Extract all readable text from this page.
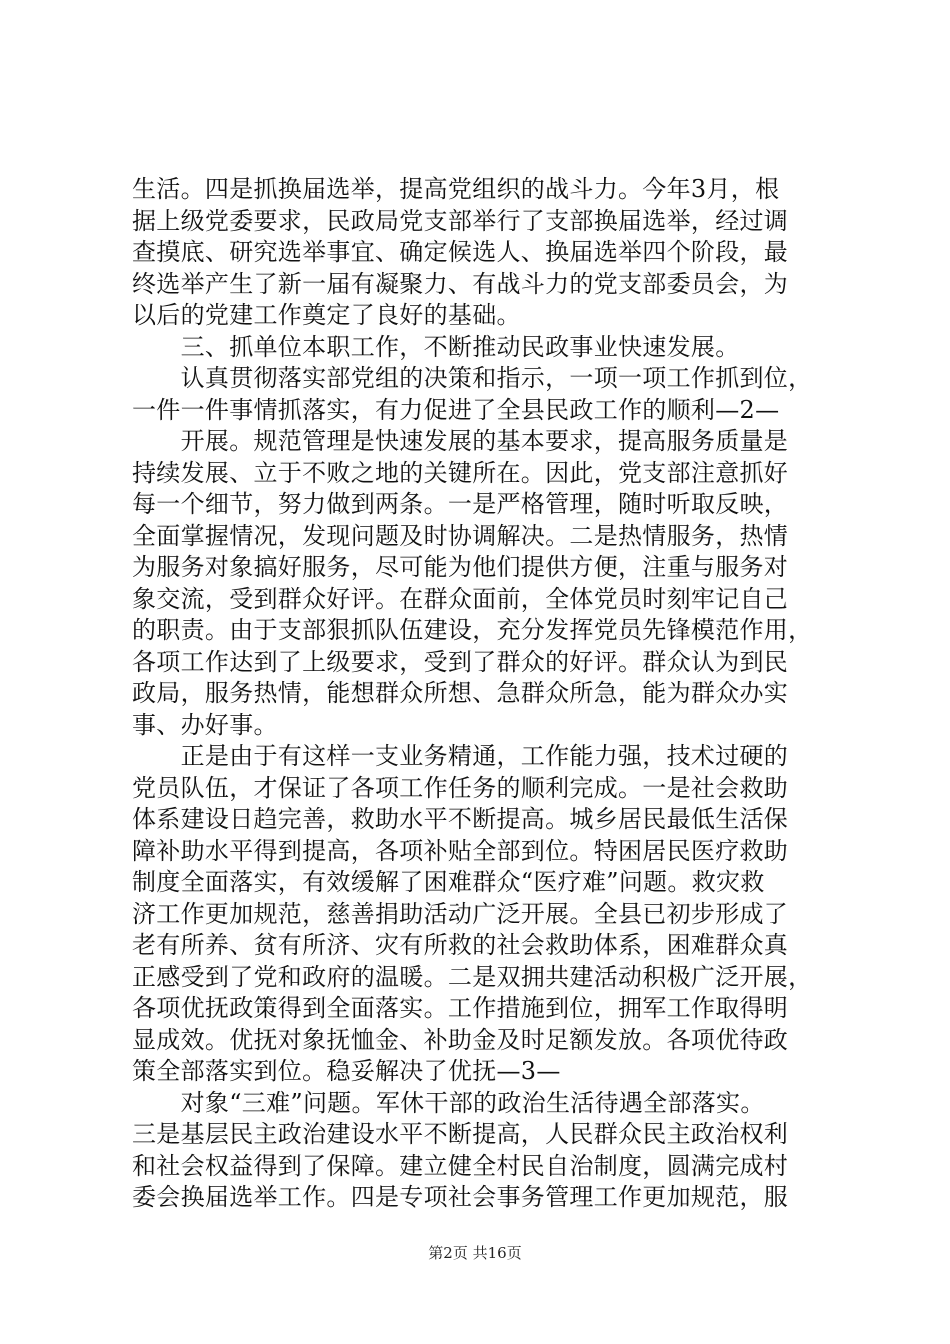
生活。四是抓换届选举，提高党组织的战斗力。今年3月，根
据上级党委要求，民政局党支部举行了支部换届选举，经过调
查摸底、研究选举事宜、确定候选人、换届选举四个阶段，最
终选举产生了新一届有凝聚力、有战斗力的党支部委员会，为
以后的党建工作奠定了良好的基础。
　　三、抓单位本职工作，不断推动民政事业快速发展。
　　认真贯彻落实部党组的决策和指示，一项一项工作抓到位，
一件一件事情抓落实，有力促进了全县民政工作的顺利—2—
　　开展。规范管理是快速发展的基本要求，提高服务质量是
持续发展、立于不败之地的关键所在。因此，党支部注意抓好
每一个细节，努力做到两条。一是严格管理，随时听取反映，
全面掌握情况，发现问题及时协调解决。二是热情服务，热情
为服务对象搞好服务，尽可能为他们提供方便，注重与服务对
象交流，受到群众好评。在群众面前，全体党员时刻牢记自己
的职责。由于支部狠抓队伍建设，充分发挥党员先锋模范作用，
各项工作达到了上级要求，受到了群众的好评。群众认为到民
政局，服务热情，能想群众所想、急群众所急，能为群众办实
事、办好事。
　　正是由于有这样一支业务精通，工作能力强，技术过硬的
党员队伍，才保证了各项工作任务的顺利完成。一是社会救助
体系建设日趋完善，救助水平不断提高。城乡居民最低生活保
障补助水平得到提高，各项补贴全部到位。特困居民医疗救助
制度全面落实，有效缓解了困难群众“医疗难”问题。救灾救
济工作更加规范，慈善捐助活动广泛开展。全县已初步形成了
老有所养、贫有所济、灾有所救的社会救助体系，困难群众真
正感受到了党和政府的温暖。二是双拥共建活动积极广泛开展，
各项优抚政策得到全面落实。工作措施到位，拥军工作取得明
显成效。优抚对象抚恤金、补助金及时足额发放。各项优待政
策全部落实到位。稳妥解决了优抚—3—
　　对象“三难”问题。军休干部的政治生活待遇全部落实。
三是基层民主政治建设水平不断提高，人民群众民主政治权利
和社会权益得到了保障。建立健全村民自治制度，圆满完成村
委会换届选举工作。四是专项社会事务管理工作更加规范，服
第2页 共16页
